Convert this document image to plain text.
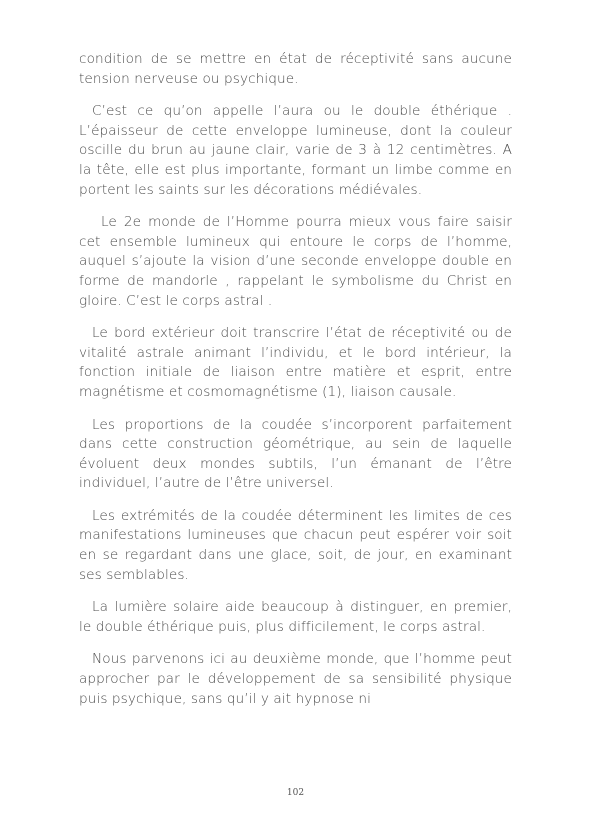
condition de se mettre en état de réceptivité sans aucune tension nerveuse ou psychique.

C’est ce qu’on appelle l’aura ou le double éthérique . L’épaisseur de cette enveloppe lumineuse, dont la couleur oscille du brun au jaune clair, varie de 3 à 12 centimètres. A la tête, elle est plus importante, formant un limbe comme en portent les saints sur les décorations médiévales.

Le 2e monde de l’Homme pourra mieux vous faire saisir cet ensemble lumineux qui entoure le corps de l’homme, auquel s’ajoute la vision d’une seconde enveloppe double en forme de mandorle , rappelant le symbolisme du Christ en gloire. C’est le corps astral .

Le bord extérieur doit transcrire l’état de réceptivité ou de vitalité astrale animant l’individu, et le bord intérieur, la fonction initiale de liaison entre matière et esprit, entre magnétisme et cosmomagnétisme (1), liaison causale.

Les proportions de la coudée s’incorporent parfaitement dans cette construction géométrique, au sein de laquelle évoluent deux mondes subtils, l’un émanant de l’être individuel, l’autre de l’être universel.

Les extrémités de la coudée déterminent les limites de ces manifestations lumineuses que chacun peut espérer voir soit en se regardant dans une glace, soit, de jour, en examinant ses semblables.

La lumière solaire aide beaucoup à distinguer, en premier, le double éthérique puis, plus difficilement, le corps astral.

Nous parvenons ici au deuxième monde, que l’homme peut approcher par le développement de sa sensibilité physique puis psychique, sans qu’il y ait hypnose ni

102
